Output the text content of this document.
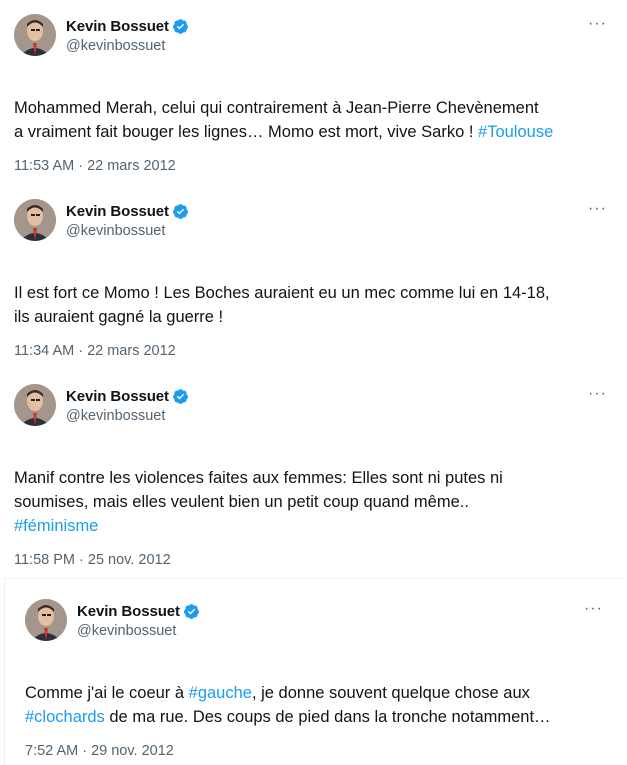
Kevin Bossuet
@kevinbossuet
···

Mohammed Merah, celui qui contrairement à Jean-Pierre Chevènement
a vraiment fait bouger les lignes… Momo est mort, vive Sarko ! #Toulouse

11:53 AM · 22 mars 2012
Kevin Bossuet
@kevinbossuet
···

Il est fort ce Momo ! Les Boches auraient eu un mec comme lui en 14-18,
ils auraient gagné la guerre !

11:34 AM · 22 mars 2012
Kevin Bossuet
@kevinbossuet
···

Manif contre les violences faites aux femmes: Elles sont ni putes ni
soumises, mais elles veulent bien un petit coup quand même..
#féminisme

11:58 PM · 25 nov. 2012
Kevin Bossuet
@kevinbossuet
···

Comme j'ai le coeur à #gauche, je donne souvent quelque chose aux
#clochards de ma rue. Des coups de pied dans la tronche notamment…

7:52 AM · 29 nov. 2012
